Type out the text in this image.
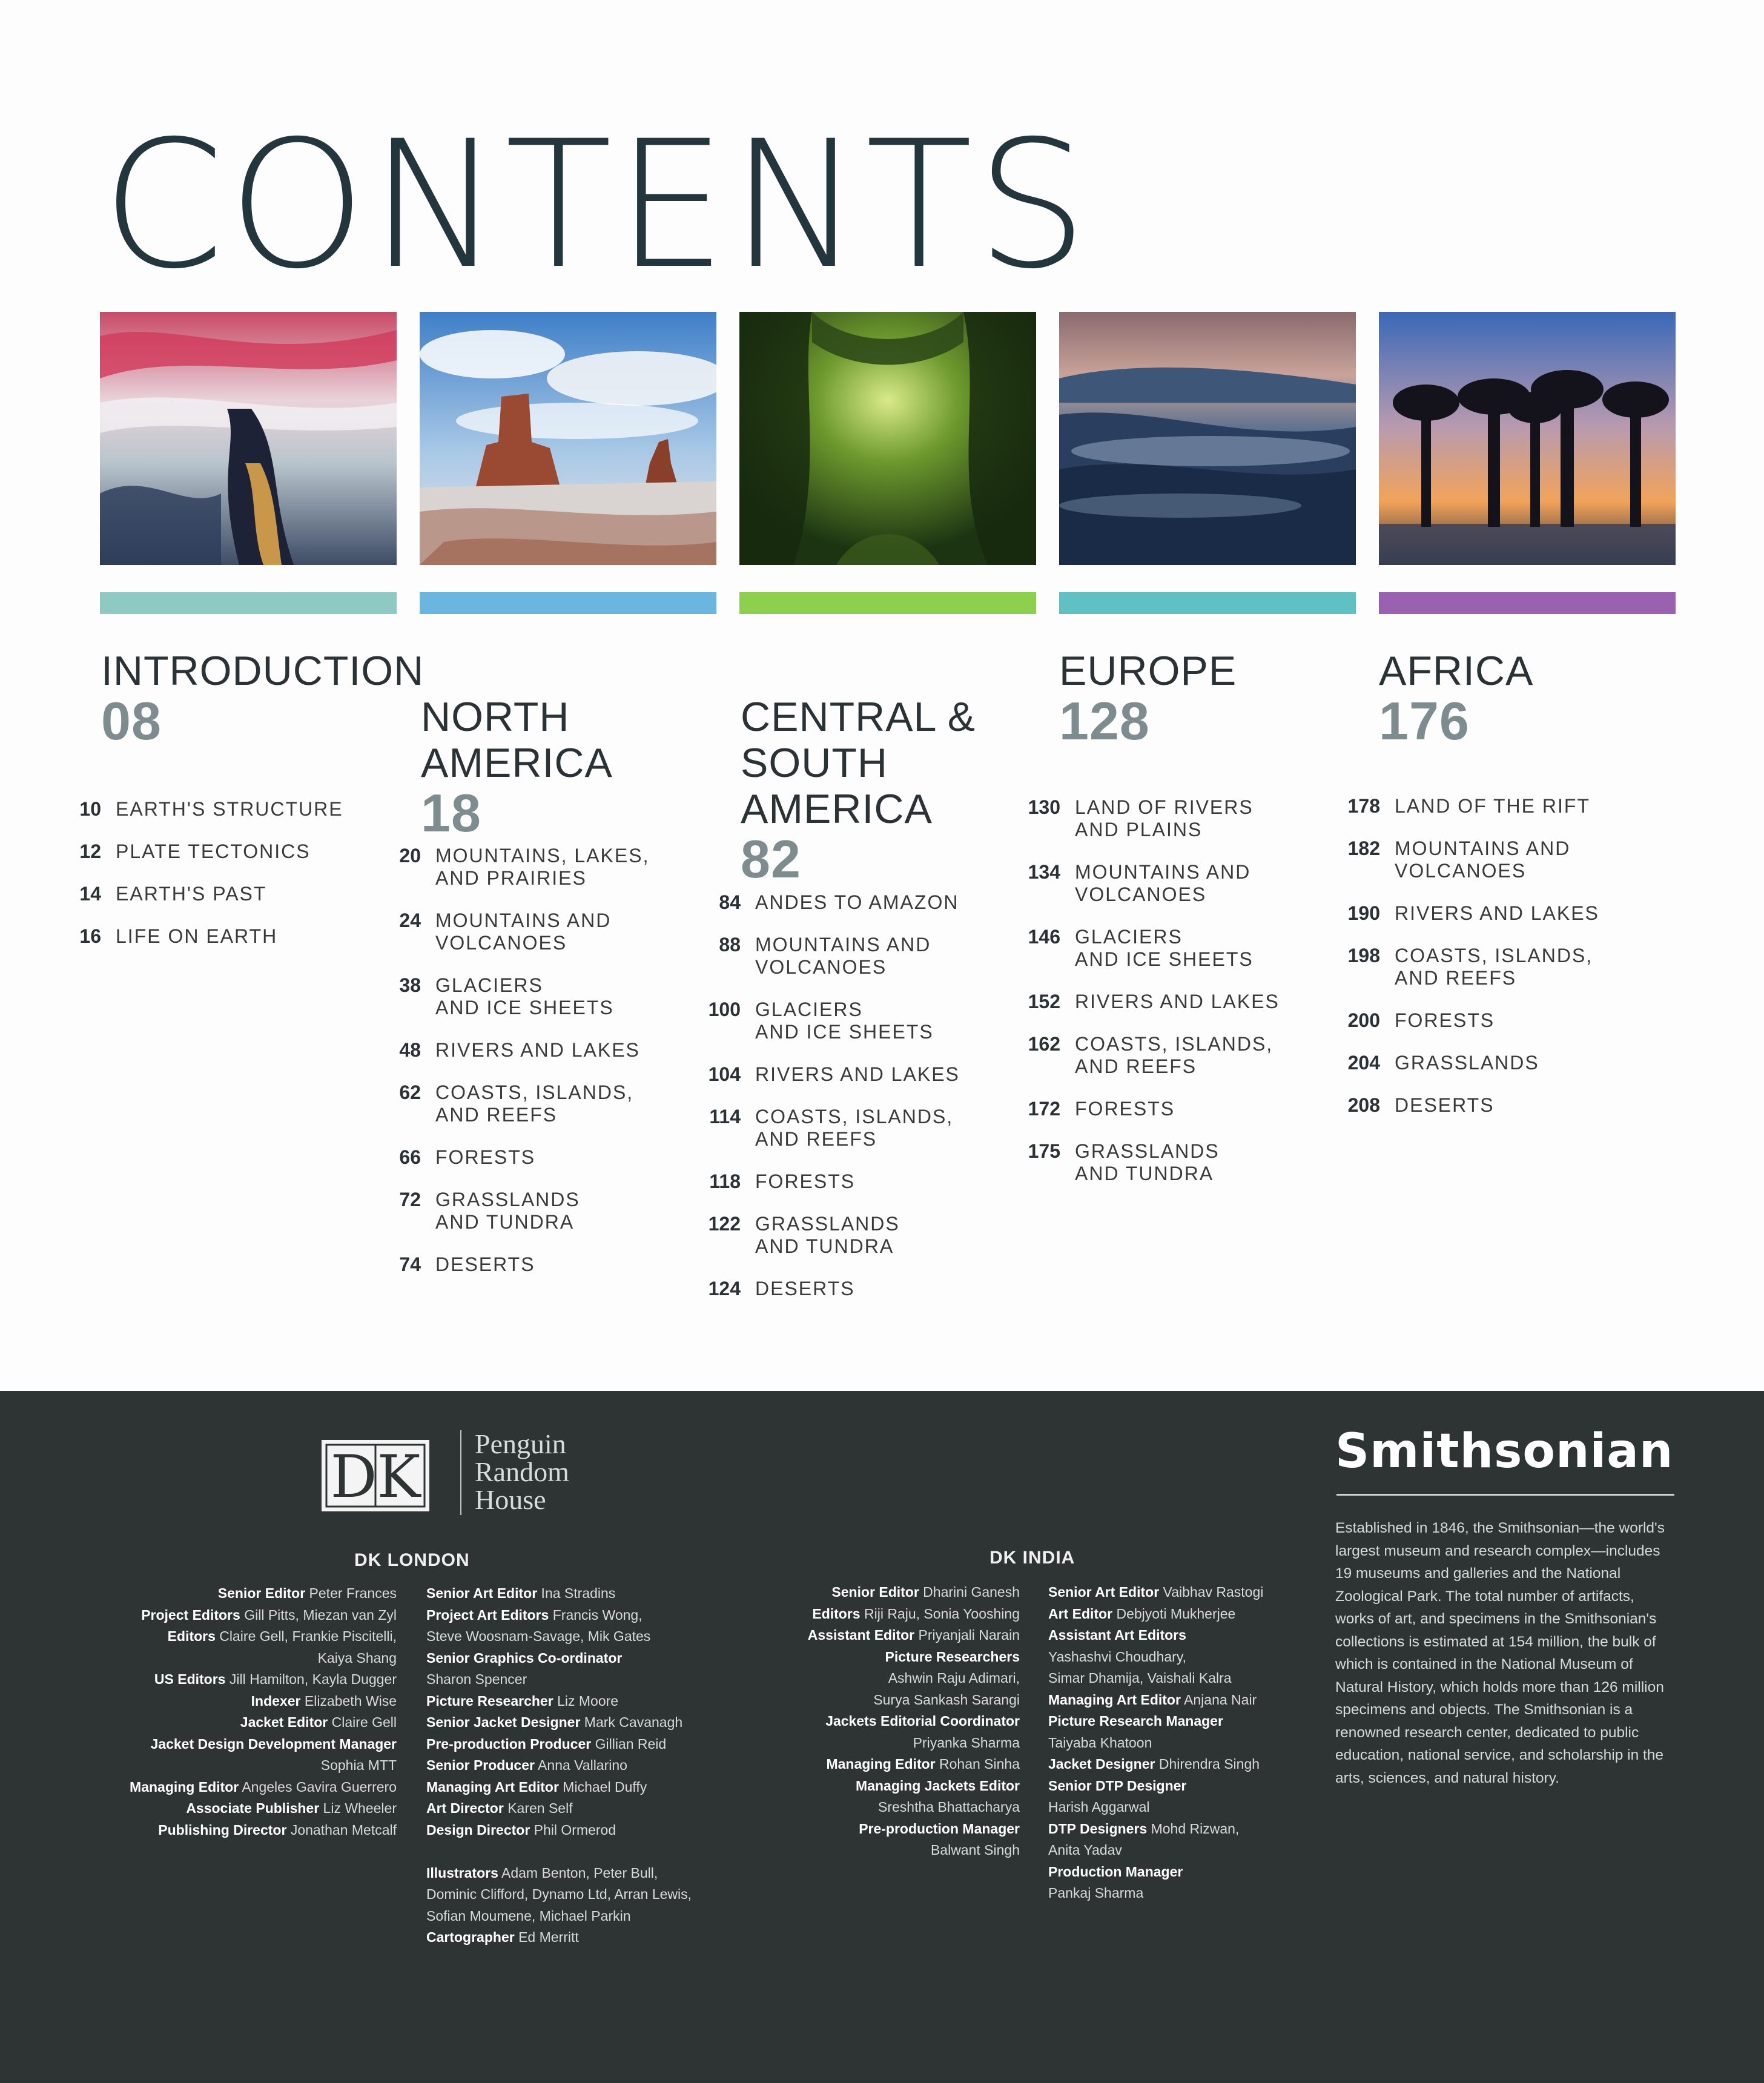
CONTENTS
INTRODUCTION
08	NORTH
AMERICA

18

CENTRAL &
SOUTH
AMERICA

82

EUROPE
128
AFRICA
176
10 EARTH'S STRUCTURE
12 PLATE TECTONICS
14 EARTH'S PAST
16 LIFE ON EARTH
20 MOUNTAINS, LAKES,
AND PRAIRIES
24 MOUNTAINS AND
VOLCANOES
38 GLACIERS
AND ICE SHEETS
48 RIVERS AND LAKES
62 COASTS, ISLANDS,
AND REEFS
66 FORESTS
72 GRASSLANDS
AND TUNDRA
74 DESERTS
84 ANDES TO AMAZON
88 MOUNTAINS AND
VOLCANOES
100 GLACIERS
AND ICE SHEETS
104 RIVERS AND LAKES
114 COASTS, ISLANDS,
AND REEFS
118 FORESTS
122 GRASSLANDS
AND TUNDRA
124 DESERTS
130 LAND OF RIVERS
AND PLAINS
134 MOUNTAINS AND
VOLCANOES
146 GLACIERS
AND ICE SHEETS
152 RIVERS AND LAKES
162 COASTS, ISLANDS,
AND REEFS
172 FORESTS
175 GRASSLANDS
AND TUNDRA
178 LAND OF THE RIFT
182 MOUNTAINS AND
VOLCANOES
190 RIVERS AND LAKES
198 COASTS, ISLANDS,
AND REEFS
200 FORESTS
204 GRASSLANDS
208 DESERTS
DK Penguin
Random
House
DK LONDON	DK INDIA
Senior Editor Peter Frances
Project Editors Gill Pitts, Miezan van Zyl
Editors Claire Gell, Frankie Piscitelli,
Kaiya Shang
US Editors Jill Hamilton, Kayla Dugger
Indexer Elizabeth Wise
Jacket Editor Claire Gell
Jacket Design Development Manager
Sophia MTT
Managing Editor Angeles Gavira Guerrero
Associate Publisher Liz Wheeler
Publishing Director Jonathan Metcalf
Senior Art Editor Ina Stradins
Project Art Editors Francis Wong,
Steve Woosnam-Savage, Mik Gates
Senior Graphics Co-ordinator
Sharon Spencer
Picture Researcher Liz Moore
Senior Jacket Designer Mark Cavanagh
Pre-production Producer Gillian Reid
Senior Producer Anna Vallarino
Managing Art Editor Michael Duffy
Art Director Karen Self
Design Director Phil Ormerod

Illustrators Adam Benton, Peter Bull,
Dominic Clifford, Dynamo Ltd, Arran Lewis,
Sofian Moumene, Michael Parkin
Cartographer Ed Merritt
Senior Editor Dharini Ganesh
Editors Riji Raju, Sonia Yooshing
Assistant Editor Priyanjali Narain
Picture Researchers
Ashwin Raju Adimari,
Surya Sankash Sarangi
Jackets Editorial Coordinator
Priyanka Sharma
Managing Editor Rohan Sinha
Managing Jackets Editor
Sreshtha Bhattacharya
Pre-production Manager
Balwant Singh
Senior Art Editor Vaibhav Rastogi
Art Editor Debjyoti Mukherjee
Assistant Art Editors
Yashashvi Choudhary,
Simar Dhamija, Vaishali Kalra
Managing Art Editor Anjana Nair
Picture Research Manager
Taiyaba Khatoon
Jacket Designer Dhirendra Singh
Senior DTP Designer
Harish Aggarwal
DTP Designers Mohd Rizwan,
Anita Yadav
Production Manager
Pankaj Sharma
Smithsonian

Established in 1846, the Smithsonian—the world's largest museum and research complex—includes 19 museums and galleries and the National Zoological Park. The total number of artifacts, works of art, and specimens in the Smithsonian's collections is estimated at 154 million, the bulk of which is contained in the National Museum of Natural History, which holds more than 126 million specimens and objects. The Smithsonian is a renowned research center, dedicated to public education, national service, and scholarship in the arts, sciences, and natural history.
